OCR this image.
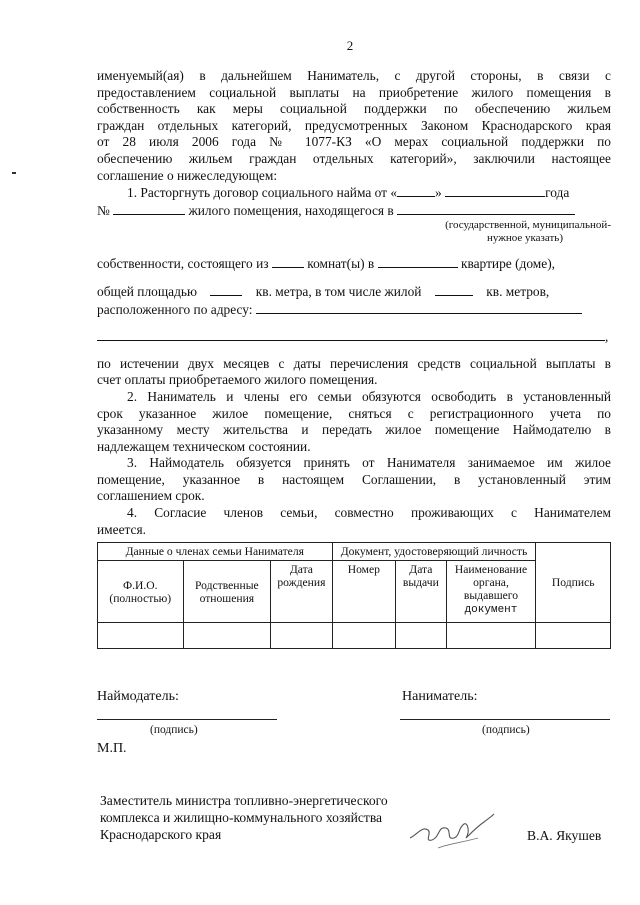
2

именуемый(ая) в дальнейшем Наниматель, с другой стороны, в связи с
предоставлением социальной выплаты на приобретение жилого помещения в
собственность как меры социальной поддержки по обеспечению жильем
граждан отдельных категорий, предусмотренных Законом Краснодарского края
от 28 июля 2006 года № 1077-КЗ «О мерах социальной поддержки по
обеспечению жильем граждан отдельных категорий», заключили настоящее
соглашение о нижеследующем:

1. Расторгнуть договор социального найма от «	»	года
№	жилого помещения, находящегося в
(государственной, муниципальной-
нужное указать)
собственности, состоящего из	комнат(ы) в	квартире (доме),
общей площадью	кв. метра, в том числе жилой	кв. метров,
расположенного по адресу:
,

по истечении двух месяцев с даты перечисления средств социальной выплаты в
счет оплаты приобретаемого жилого помещения.

2. Наниматель и члены его семьи обязуются освободить в установленный
срок указанное жилое помещение, сняться с регистрационного учета по
указанному месту жительства и передать жилое помещение Наймодателю в
надлежащем техническом состоянии.

3. Наймодатель обязуется принять от Нанимателя занимаемое им жилое
помещение, указанное в настоящем Соглашении, в установленный этим
соглашением срок.

4. Согласие членов семьи, совместно проживающих с Нанимателем
имеется.

Данные о членах семьи Нанимателя			Документ, удостоверяющий личность			Подпись
Ф.И.О. (полностью)	Родственные отношения	Дата рождения	Номер	Дата выдачи	Наименование органа, выдавшего
документ	

Наймодатель:	Наниматель:
(подпись)	(подпись)
М.П.
Заместитель министра топливно-энергетического
комплекса и жилищно-коммунального хозяйства
Краснодарского края	В.А. Якушев
